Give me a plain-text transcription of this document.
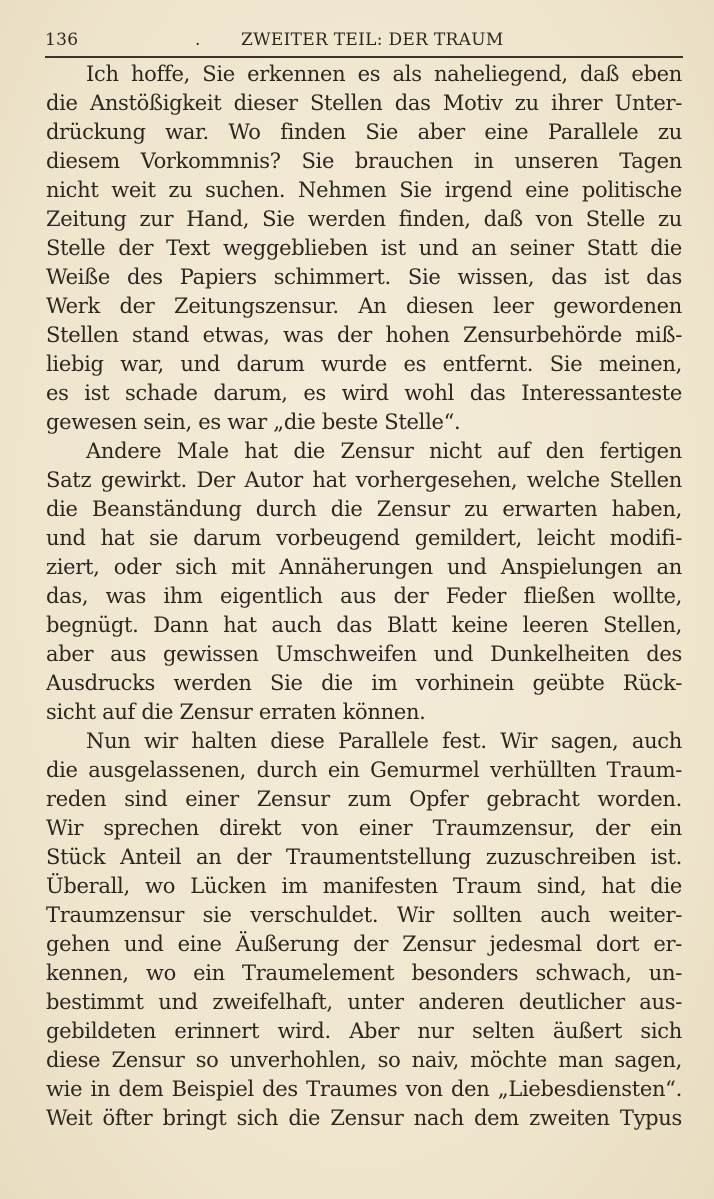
136	. ZWEITER TEIL: DER TRAUM
Ich hoffe, Sie erkennen es als naheliegend, daß eben
die Anstößigkeit dieser Stellen das Motiv zu ihrer Unter-
drückung war. Wo finden Sie aber eine Parallele zu
diesem Vorkommnis? Sie brauchen in unseren Tagen
nicht weit zu suchen. Nehmen Sie irgend eine politische
Zeitung zur Hand, Sie werden finden, daß von Stelle zu
Stelle der Text weggeblieben ist und an seiner Statt die
Weiße des Papiers schimmert. Sie wissen, das ist das
Werk der Zeitungszensur. An diesen leer gewordenen
Stellen stand etwas, was der hohen Zensurbehörde miß-
liebig war, und darum wurde es entfernt. Sie meinen,
es ist schade darum, es wird wohl das Interessanteste
gewesen sein, es war „die beste Stelle“.
Andere Male hat die Zensur nicht auf den fertigen
Satz gewirkt. Der Autor hat vorhergesehen, welche Stellen
die Beanständung durch die Zensur zu erwarten haben,
und hat sie darum vorbeugend gemildert, leicht modifi-
ziert, oder sich mit Annäherungen und Anspielungen an
das, was ihm eigentlich aus der Feder fließen wollte,
begnügt. Dann hat auch das Blatt keine leeren Stellen,
aber aus gewissen Umschweifen und Dunkelheiten des
Ausdrucks werden Sie die im vorhinein geübte Rück-
sicht auf die Zensur erraten können.
Nun wir halten diese Parallele fest. Wir sagen, auch
die ausgelassenen, durch ein Gemurmel verhüllten Traum-
reden sind einer Zensur zum Opfer gebracht worden.
Wir sprechen direkt von einer Traumzensur, der ein
Stück Anteil an der Traumentstellung zuzuschreiben ist.
Überall, wo Lücken im manifesten Traum sind, hat die
Traumzensur sie verschuldet. Wir sollten auch weiter-
gehen und eine Äußerung der Zensur jedesmal dort er-
kennen, wo ein Traumelement besonders schwach, un-
bestimmt und zweifelhaft, unter anderen deutlicher aus-
gebildeten erinnert wird. Aber nur selten äußert sich
diese Zensur so unverhohlen, so naiv, möchte man sagen,
wie in dem Beispiel des Traumes von den „Liebesdiensten“.
Weit öfter bringt sich die Zensur nach dem zweiten Typus
